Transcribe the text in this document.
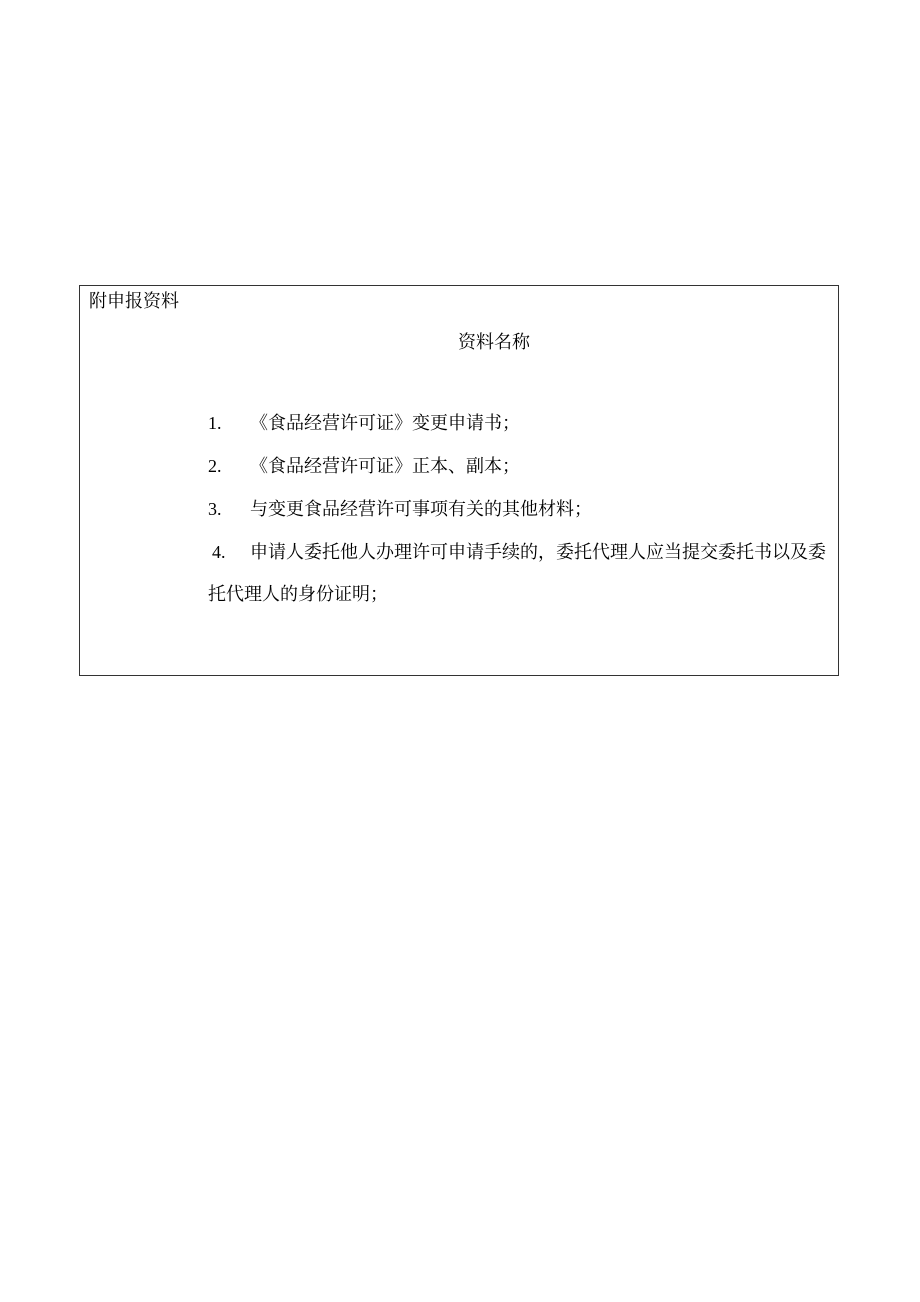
附申报资料
资料名称
1. 《食品经营许可证》变更申请书；
2. 《食品经营许可证》正本、副本；
3. 与变更食品经营许可事项有关的其他材料；
4. 申请人委托他人办理许可申请手续的，委托代理人应当提交委托书以及委托代理人的身份证明；
